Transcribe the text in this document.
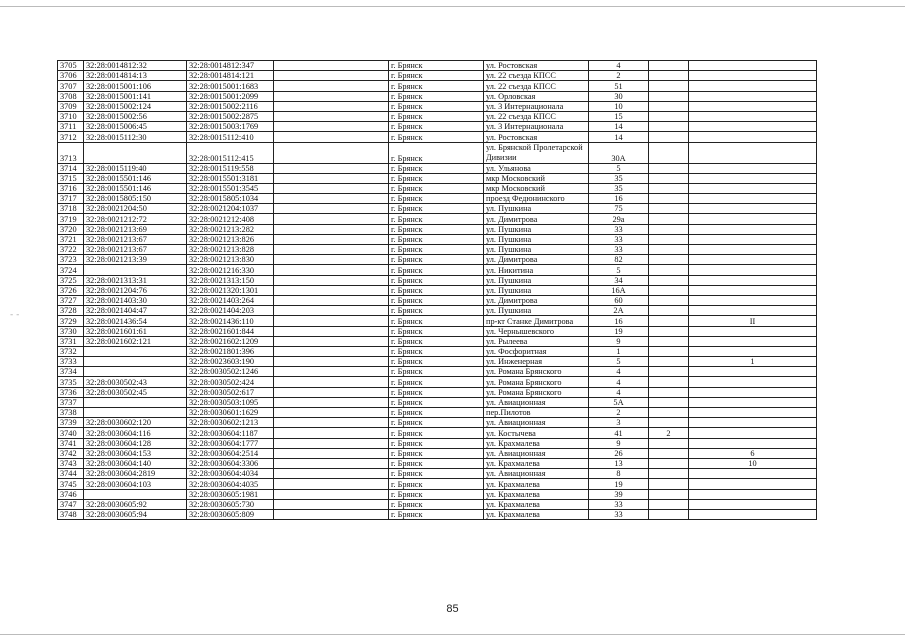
- -
3705	32:28:0014812:32	32:28:0014812:347		г. Брянск	ул. Ростовская	4		
3706	32:28:0014814:13	32:28:0014814:121		г. Брянск	ул. 22 съезда КПСС	2		
3707	32:28:0015001:106	32:28:0015001:1683		г. Брянск	ул. 22 съезда КПСС	51		
3708	32:28:0015001:141	32:28:0015001:2099		г. Брянск	ул. Орловская	30		
3709	32:28:0015002:124	32:28:0015002:2116		г. Брянск	ул. 3 Интернационала	10		
3710	32:28:0015002:56	32:28:0015002:2875		г. Брянск	ул. 22 съезда КПСС	15		
3711	32:28:0015006:45	32:28:0015003:1769		г. Брянск	ул. 3 Интернационала	14		
3712	32:28:0015112:30	32:28:0015112:410		г. Брянск	ул. Ростовская	14		
3713		32:28:0015112:415		г. Брянск	ул. Брянской Пролетарской Дивизии	30А		
3714	32:28:0015119:40	32:28:0015119:558		г. Брянск	ул. Ульянова	5		
3715	32:28:0015501:146	32:28:0015501:3181		г. Брянск	мкр Московский	35		
3716	32:28:0015501:146	32:28:0015501:3545		г. Брянск	мкр Московский	35		
3717	32:28:0015805:150	32:28:0015805:1034		г. Брянск	проезд Федюнинского	16		
3718	32:28:0021204:50	32:28:0021204:1037		г. Брянск	ул. Пушкина	75		
3719	32:28:0021212:72	32:28:0021212:408		г. Брянск	ул. Димитрова	29а		
3720	32:28:0021213:69	32:28:0021213:282		г. Брянск	ул. Пушкина	33		
3721	32:28:0021213:67	32:28:0021213:826		г. Брянск	ул. Пушкина	33		
3722	32:28:0021213:67	32:28:0021213:828		г. Брянск	ул. Пушкина	33		
3723	32:28:0021213:39	32:28:0021213:830		г. Брянск	ул. Димитрова	82		
3724		32:28:0021216:330		г. Брянск	ул. Никитина	5		
3725	32:28:0021313:31	32:28:0021313:150		г. Брянск	ул. Пушкина	34		
3726	32:28:0021204:76	32:28:0021320:1301		г. Брянск	ул. Пушкина	16А		
3727	32:28:0021403:30	32:28:0021403:264		г. Брянск	ул. Димитрова	60		
3728	32:28:0021404:47	32:28:0021404:203		г. Брянск	ул. Пушкина	2А		
3729	32:28:0021436:54	32:28:0021436:110		г. Брянск	пр-кт Станке Димитрова	16		II
3730	32:28:0021601:61	32:28:0021601:844		г. Брянск	ул. Чернышевского	19		
3731	32:28:0021602:121	32:28:0021602:1209		г. Брянск	ул. Рылеева	9		
3732		32:28:0021801:396		г. Брянск	ул. Фосфоритная	1		
3733		32:28:0023603:190		г. Брянск	ул. Инженерная	5		1
3734		32:28:0030502:1246		г. Брянск	ул. Романа Брянского	4		
3735	32:28:0030502:43	32:28:0030502:424		г. Брянск	ул. Романа Брянского	4		
3736	32:28:0030502:45	32:28:0030502:617		г. Брянск	ул. Романа Брянского	4		
3737		32:28:0030503:1095		г. Брянск	ул. Авиационная	5А		
3738		32:28:0030601:1629		г. Брянск	пер.Пилотов	2		
3739	32:28:0030602:120	32:28:0030602:1213		г. Брянск	ул. Авиационная	3		
3740	32:28:0030604:116	32:28:0030604:1187		г. Брянск	ул. Костычева	41	2	
3741	32:28:0030604:128	32:28:0030604:1777		г. Брянск	ул. Крахмалева	9		
3742	32:28:0030604:153	32:28:0030604:2514		г. Брянск	ул. Авиационная	26		6
3743	32:28:0030604:140	32:28:0030604:3306		г. Брянск	ул. Крахмалева	13		10
3744	32:28:0030604:2819	32:28:0030604:4034		г. Брянск	ул. Авиационная	8		
3745	32:28:0030604:103	32:28:0030604:4035		г. Брянск	ул. Крахмалева	19		
3746		32:28:0030605:1981		г. Брянск	ул. Крахмалева	39		
3747	32:28:0030605:92	32:28:0030605:730		г. Брянск	ул. Крахмалева	33		
3748	32:28:0030605:94	32:28:0030605:809		г. Брянск	ул. Крахмалева	33		
85
